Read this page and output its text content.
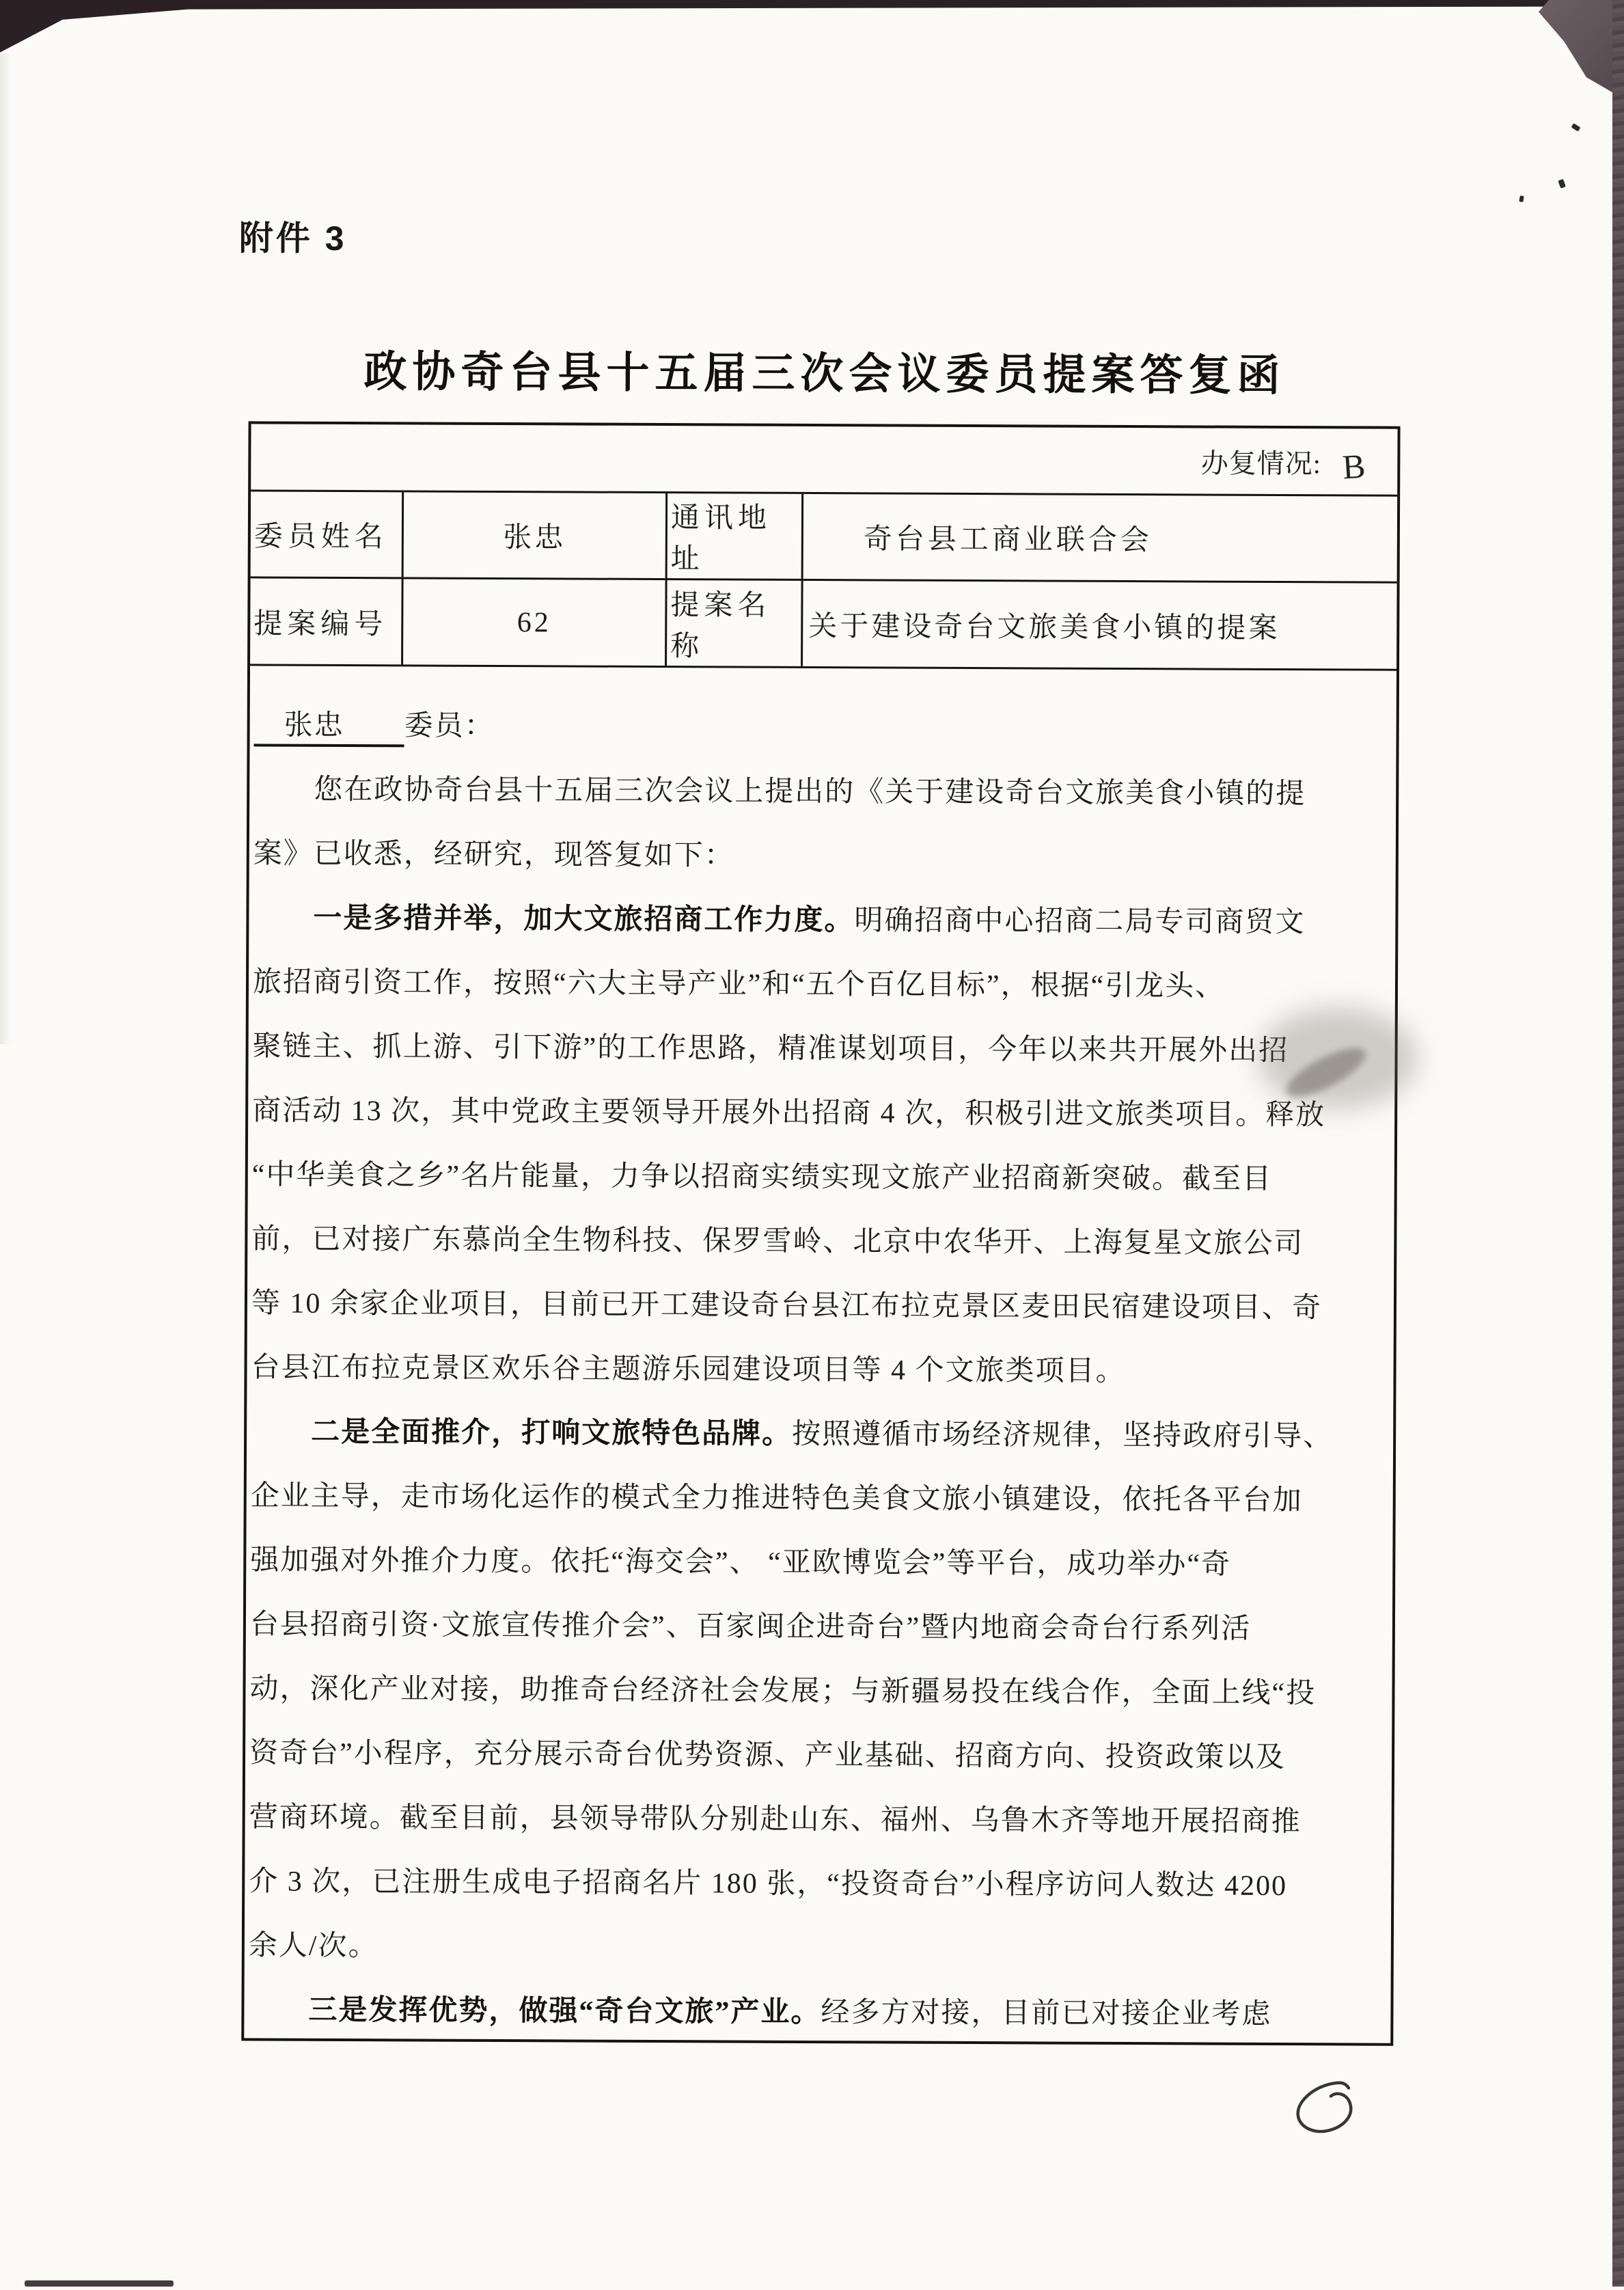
附件 3
政协奇台县十五届三次会议委员提案答复函
办复情况: B
委员姓名	张忠
通讯地址
奇台县工商业联合会
提案编号	62
提案名称
关于建设奇台文旅美食小镇的提案
　张忠　　委员：
　　您在政协奇台县十五届三次会议上提出的《关于建设奇台文旅美食小镇的提
案》已收悉，经研究，现答复如下：
　　一是多措并举，加大文旅招商工作力度。明确招商中心招商二局专司商贸文
旅招商引资工作，按照“六大主导产业”和“五个百亿目标”，根据“引龙头、
聚链主、抓上游、引下游”的工作思路，精准谋划项目，今年以来共开展外出招
商活动 13 次，其中党政主要领导开展外出招商 4 次，积极引进文旅类项目。释放
“中华美食之乡”名片能量，力争以招商实绩实现文旅产业招商新突破。截至目
前，已对接广东慕尚全生物科技、保罗雪岭、北京中农华开、上海复星文旅公司
等 10 余家企业项目，目前已开工建设奇台县江布拉克景区麦田民宿建设项目、奇
台县江布拉克景区欢乐谷主题游乐园建设项目等 4 个文旅类项目。
　　二是全面推介，打响文旅特色品牌。按照遵循市场经济规律，坚持政府引导、
企业主导，走市场化运作的模式全力推进特色美食文旅小镇建设，依托各平台加
强加强对外推介力度。依托“海交会”、 “亚欧博览会”等平台，成功举办“奇
台县招商引资·文旅宣传推介会”、百家闽企进奇台”暨内地商会奇台行系列活
动，深化产业对接，助推奇台经济社会发展；与新疆易投在线合作，全面上线“投
资奇台”小程序，充分展示奇台优势资源、产业基础、招商方向、投资政策以及
营商环境。截至目前，县领导带队分别赴山东、福州、乌鲁木齐等地开展招商推
介 3 次，已注册生成电子招商名片 180 张，“投资奇台”小程序访问人数达 4200
余人/次。
　　三是发挥优势，做强“奇台文旅”产业。经多方对接，目前已对接企业考虑
